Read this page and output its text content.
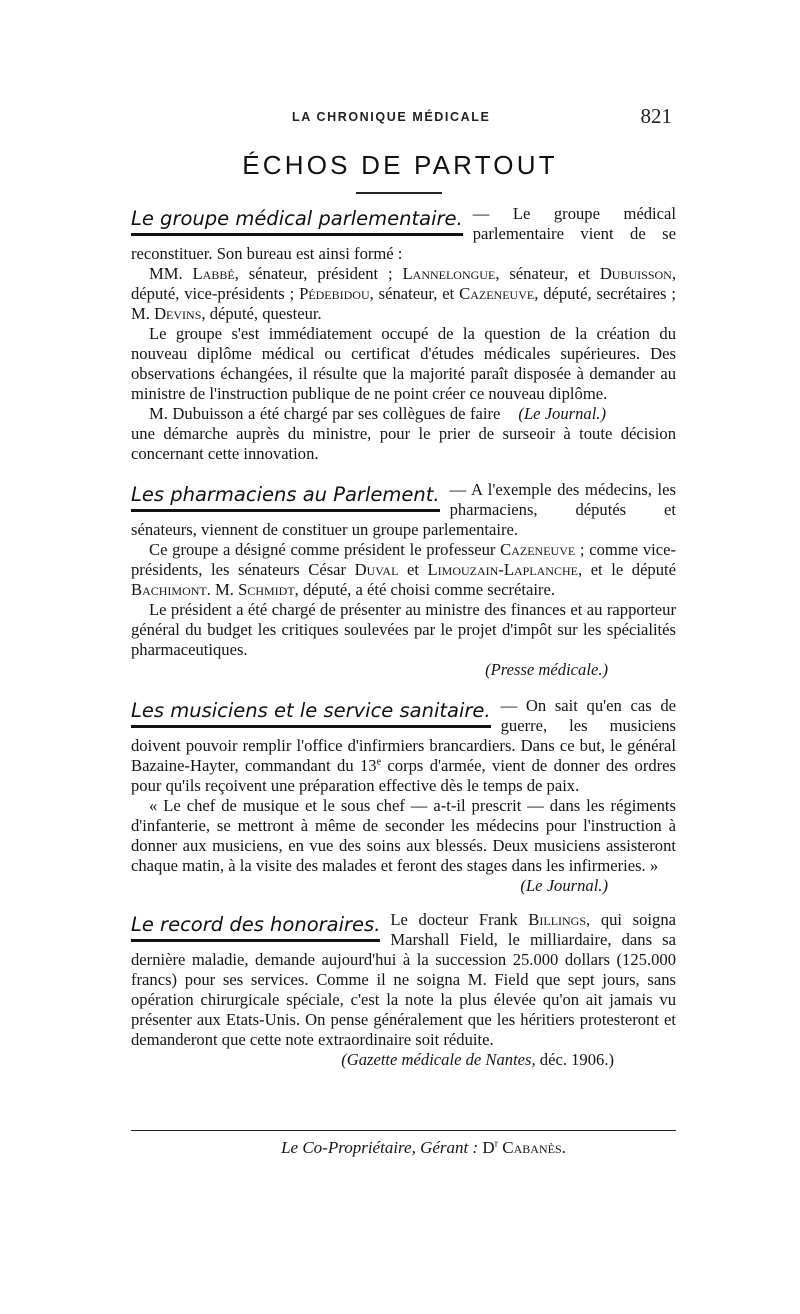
LA CHRONIQUE MÉDICALE	821
ÉCHOS DE PARTOUT
Le groupe médical parlementaire. — Le groupe médical parlementaire vient de se reconstituer. Son bureau est ainsi formé :

MM. Labbé, sénateur, président ; Lannelongue, sénateur, et Dubuisson, député, vice-présidents ; Pédebidou, sénateur, et Cazeneuve, député, secrétaires ; M. Devins, député, questeur.

Le groupe s'est immédiatement occupé de la question de la création du nouveau diplôme médical ou certificat d'études médicales supérieures. Des observations échangées, il résulte que la majorité paraît disposée à demander au ministre de l'instruction publique de ne point créer ce nouveau diplôme.

(Le Journal.)
M. Dubuisson a été chargé par ses collègues de faire une démarche auprès du ministre, pour le prier de surseoir à toute décision concernant cette innovation.

Les pharmaciens au Parlement. — A l'exemple des médecins, les pharmaciens, députés et sénateurs, viennent de constituer un groupe parlementaire.

Ce groupe a désigné comme président le professeur Cazeneuve ; comme vice-présidents, les sénateurs César Duval et Limouzain-Laplanche, et le député Bachimont. M. Schmidt, député, a été choisi comme secrétaire.

Le président a été chargé de présenter au ministre des finances et au rapporteur général du budget les critiques soulevées par le projet d'impôt sur les spécialités pharmaceutiques.

(Presse médicale.)

Les musiciens et le service sanitaire. — On sait qu'en cas de guerre, les musiciens doivent pouvoir remplir l'office d'infirmiers brancardiers. Dans ce but, le général Bazaine-Hayter, commandant du 13e corps d'armée, vient de donner des ordres pour qu'ils reçoivent une préparation effective dès le temps de paix.

« Le chef de musique et le sous chef — a-t-il prescrit — dans les régiments d'infanterie, se mettront à même de seconder les médecins pour l'instruction à donner aux musiciens, en vue des soins aux blessés. Deux musiciens assisteront chaque matin, à la visite des malades et feront des stages dans les infirmeries. »

(Le Journal.)

Le record des honoraires. Le docteur Frank Billings, qui soigna Marshall Field, le milliardaire, dans sa dernière maladie, demande aujourd'hui à la succession 25.000 dollars (125.000 francs) pour ses services. Comme il ne soigna M. Field que sept jours, sans opération chirurgicale spéciale, c'est la note la plus élevée qu'on ait jamais vu présenter aux Etats-Unis. On pense généralement que les héritiers protesteront et demanderont que cette note extraordinaire soit réduite.

(Gazette médicale de Nantes, déc. 1906.)

Le Co-Propriétaire, Gérant : $D^r$ Cabanès.
